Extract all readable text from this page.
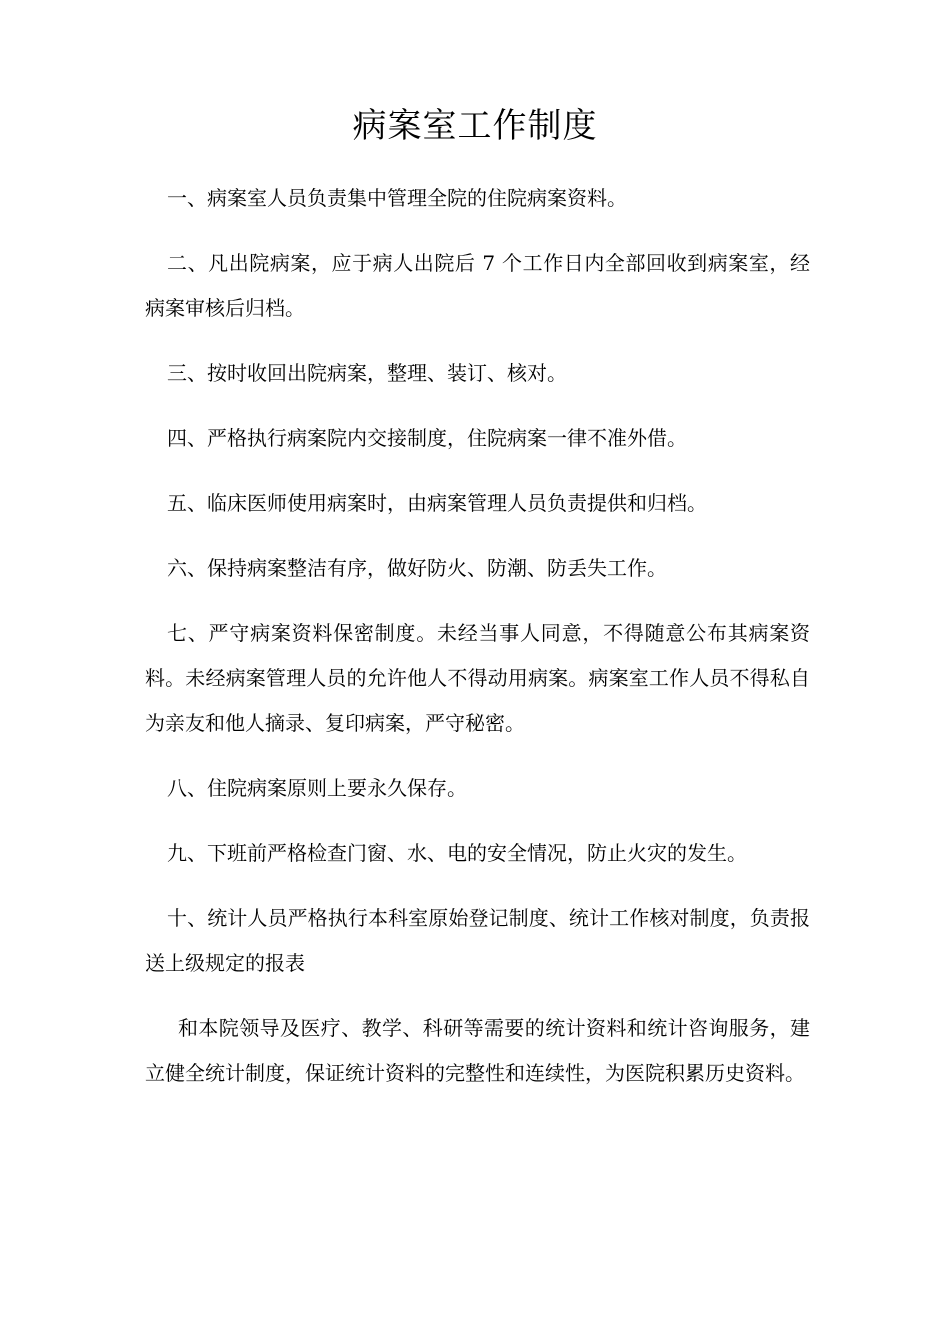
病案室工作制度

一、病案室人员负责集中管理全院的住院病案资料。

二、凡出院病案，应于病人出院后 7 个工作日内全部回收到病案室，经病案审核后归档。

三、按时收回出院病案，整理、装订、核对。

四、严格执行病案院内交接制度，住院病案一律不准外借。

五、临床医师使用病案时，由病案管理人员负责提供和归档。

六、保持病案整洁有序，做好防火、防潮、防丢失工作。

七、严守病案资料保密制度。未经当事人同意，不得随意公布其病案资料。未经病案管理人员的允许他人不得动用病案。病案室工作人员不得私自为亲友和他人摘录、复印病案，严守秘密。

八、住院病案原则上要永久保存。

九、下班前严格检查门窗、水、电的安全情况，防止火灾的发生。

十、统计人员严格执行本科室原始登记制度、统计工作核对制度，负责报送上级规定的报表

和本院领导及医疗、教学、科研等需要的统计资料和统计咨询服务，建立健全统计制度，保证统计资料的完整性和连续性，为医院积累历史资料。
